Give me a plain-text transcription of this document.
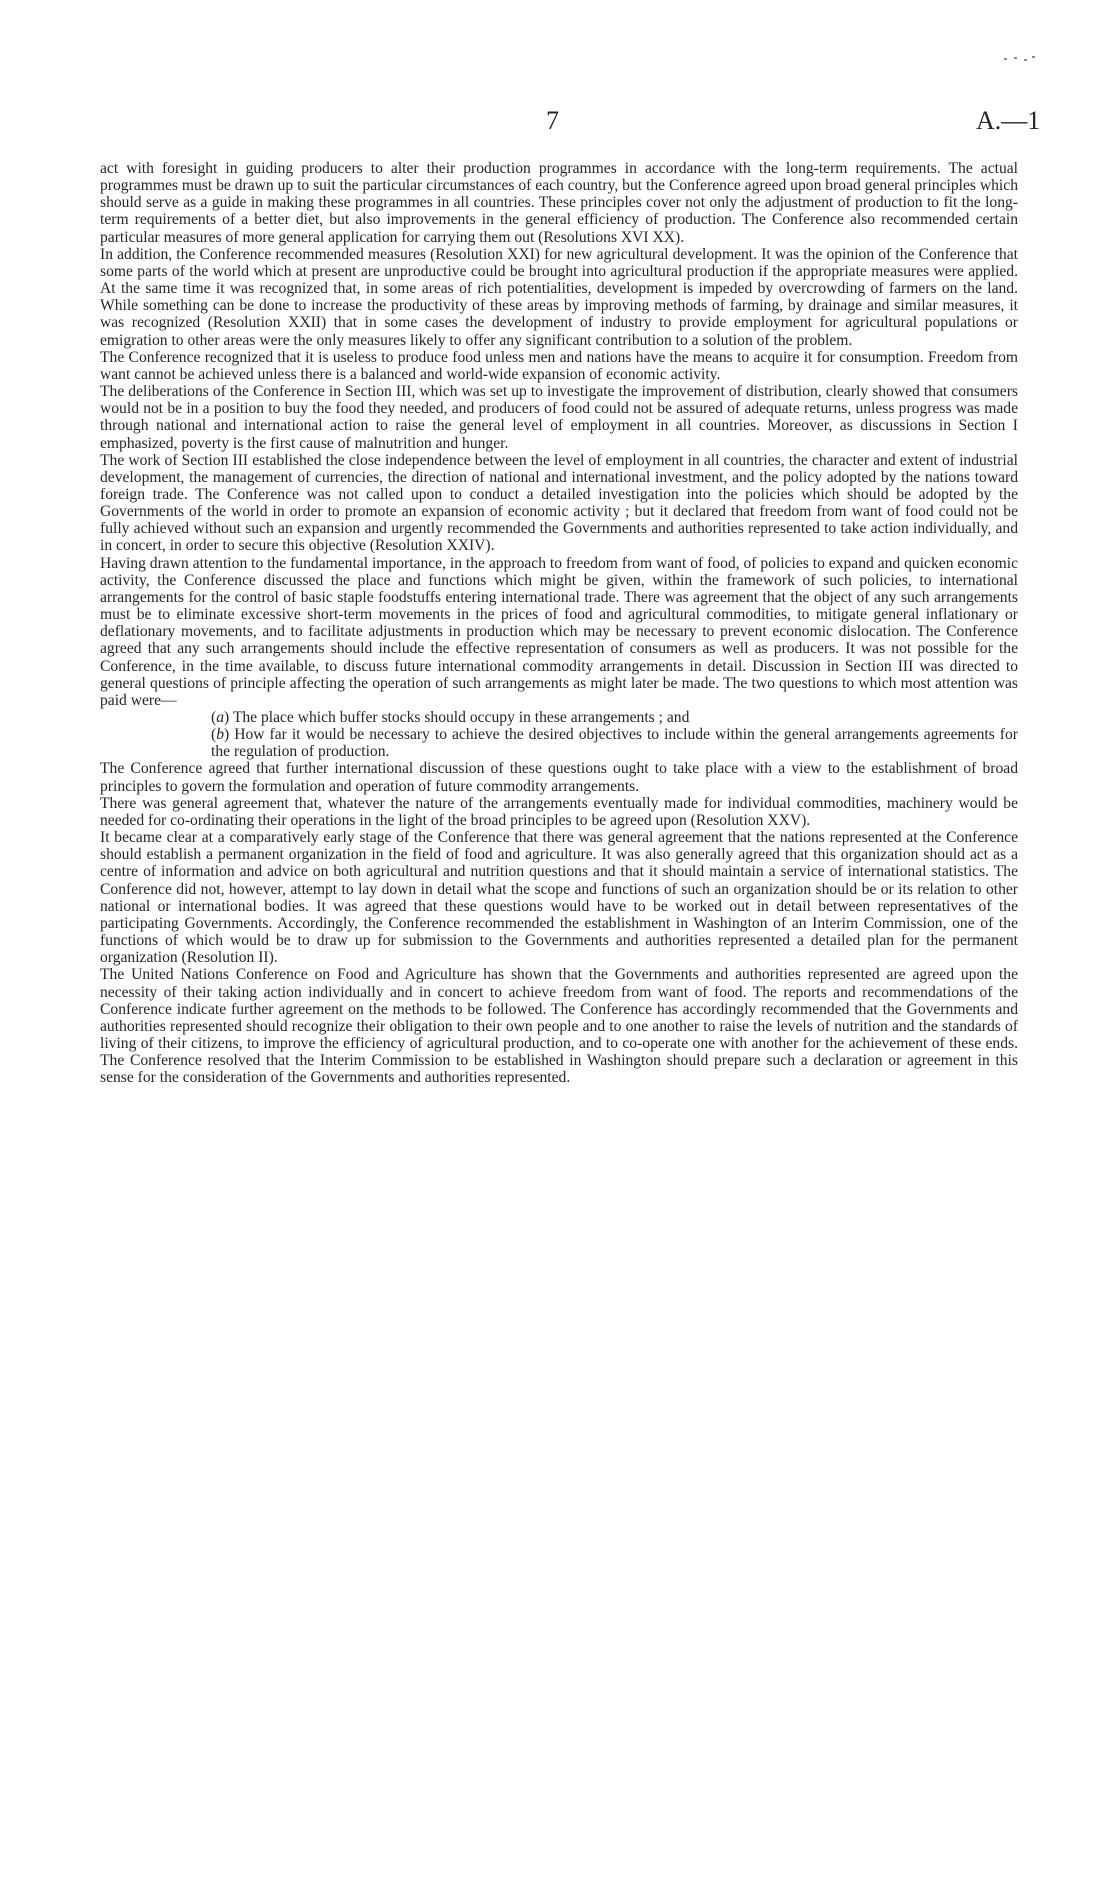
7	A.—1

act with foresight in guiding producers to alter their production programmes in accordance with the long-term requirements. The actual programmes must be drawn up to suit the particular circumstances of each country, but the Conference agreed upon broad general principles which should serve as a guide in making these programmes in all countries. These principles cover not only the adjustment of production to fit the long-term requirements of a better diet, but also improvements in the general efficiency of production. The Conference also recommended certain particular measures of more general application for carrying them out (Resolutions XVI XX).

In addition, the Conference recommended measures (Resolution XXI) for new agricultural development. It was the opinion of the Conference that some parts of the world which at present are unproductive could be brought into agricultural production if the appropriate measures were applied. At the same time it was recognized that, in some areas of rich potentialities, development is impeded by overcrowding of farmers on the land. While something can be done to increase the productivity of these areas by improving methods of farming, by drainage and similar measures, it was recognized (Resolution XXII) that in some cases the development of industry to provide employment for agricultural populations or emigration to other areas were the only measures likely to offer any significant contribution to a solution of the problem.

The Conference recognized that it is useless to produce food unless men and nations have the means to acquire it for consumption. Freedom from want cannot be achieved unless there is a balanced and world-wide expansion of economic activity.

The deliberations of the Conference in Section III, which was set up to investigate the improvement of distribution, clearly showed that consumers would not be in a position to buy the food they needed, and producers of food could not be assured of adequate returns, unless progress was made through national and international action to raise the general level of employment in all countries. Moreover, as discussions in Section I emphasized, poverty is the first cause of malnutrition and hunger.

The work of Section III established the close independence between the level of employment in all countries, the character and extent of industrial development, the management of currencies, the direction of national and international investment, and the policy adopted by the nations toward foreign trade. The Conference was not called upon to conduct a detailed investigation into the policies which should be adopted by the Governments of the world in order to promote an expansion of economic activity ; but it declared that freedom from want of food could not be fully achieved without such an expansion and urgently recommended the Governments and authorities represented to take action individually, and in concert, in order to secure this objective (Resolution XXIV).

Having drawn attention to the fundamental importance, in the approach to freedom from want of food, of policies to expand and quicken economic activity, the Conference discussed the place and functions which might be given, within the framework of such policies, to international arrangements for the control of basic staple foodstuffs entering international trade. There was agreement that the object of any such arrangements must be to eliminate excessive short-term movements in the prices of food and agricultural commodities, to mitigate general inflationary or deflationary movements, and to facilitate adjustments in production which may be necessary to prevent economic dislocation. The Conference agreed that any such arrangements should include the effective representation of consumers as well as producers. It was not possible for the Conference, in the time available, to discuss future international commodity arrangements in detail. Discussion in Section III was directed to general questions of principle affecting the operation of such arrangements as might later be made. The two questions to which most attention was paid were—

(a) The place which buffer stocks should occupy in these arrangements ; and

(b) How far it would be necessary to achieve the desired objectives to include within the general arrangements agreements for the regulation of production.

The Conference agreed that further international discussion of these questions ought to take place with a view to the establishment of broad principles to govern the formulation and operation of future commodity arrangements.

There was general agreement that, whatever the nature of the arrangements eventually made for individual commodities, machinery would be needed for co-ordinating their operations in the light of the broad principles to be agreed upon (Resolution XXV).

It became clear at a comparatively early stage of the Conference that there was general agreement that the nations represented at the Conference should establish a permanent organization in the field of food and agriculture. It was also generally agreed that this organization should act as a centre of information and advice on both agricultural and nutrition questions and that it should maintain a service of international statistics. The Conference did not, however, attempt to lay down in detail what the scope and functions of such an organization should be or its relation to other national or international bodies. It was agreed that these questions would have to be worked out in detail between representatives of the participating Governments. Accordingly, the Conference recommended the establishment in Washington of an Interim Commission, one of the functions of which would be to draw up for submission to the Governments and authorities represented a detailed plan for the permanent organization (Resolution II).

The United Nations Conference on Food and Agriculture has shown that the Governments and authorities represented are agreed upon the necessity of their taking action individually and in concert to achieve freedom from want of food. The reports and recommendations of the Conference indicate further agreement on the methods to be followed. The Conference has accordingly recommended that the Governments and authorities represented should recognize their obligation to their own people and to one another to raise the levels of nutrition and the standards of living of their citizens, to improve the efficiency of agricultural production, and to co-operate one with another for the achievement of these ends. The Conference resolved that the Interim Commission to be established in Washington should prepare such a declaration or agreement in this sense for the consideration of the Governments and authorities represented.
